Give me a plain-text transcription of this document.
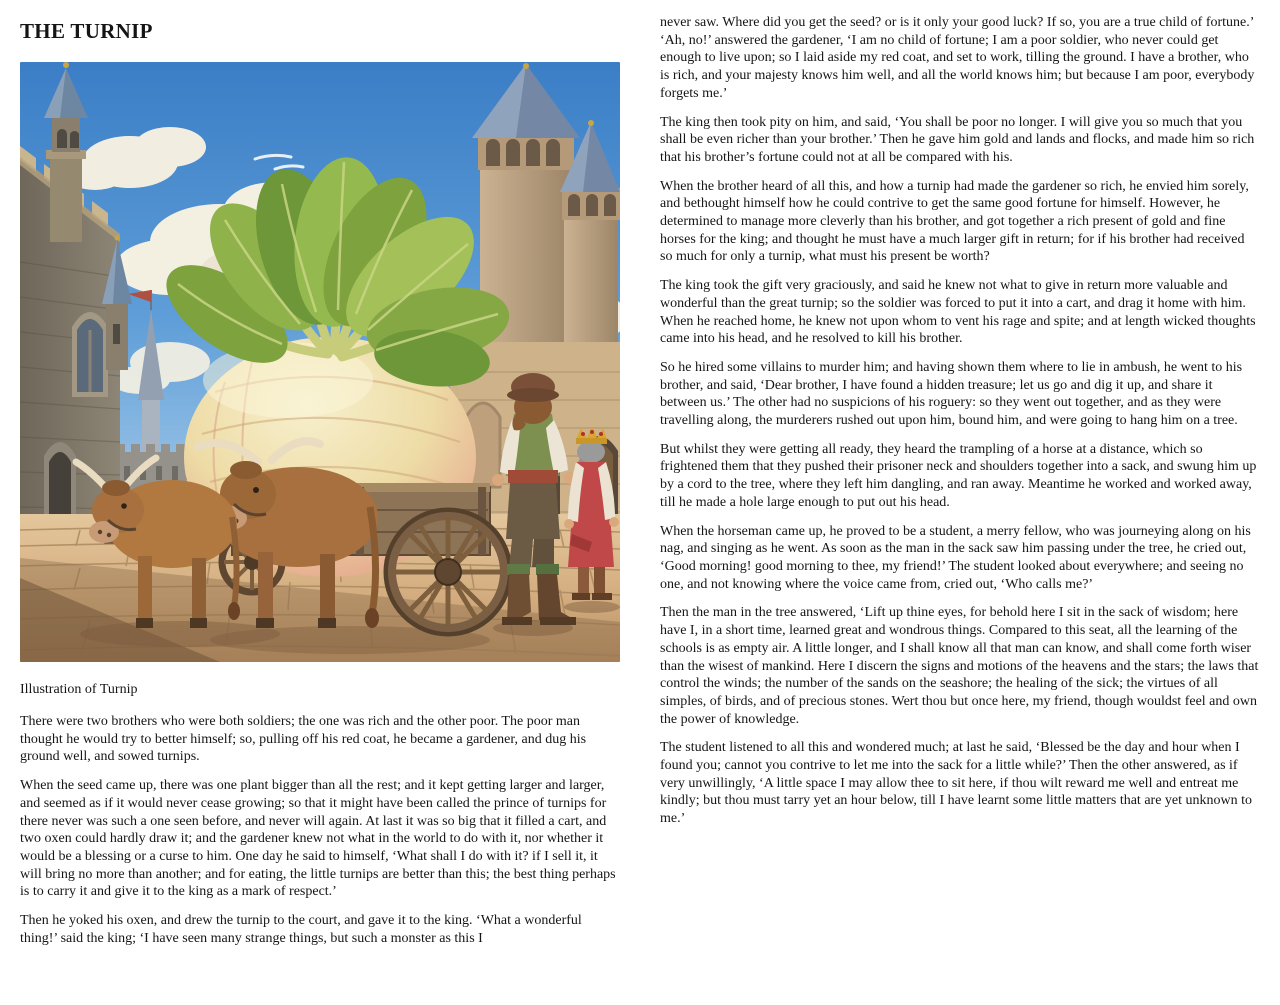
THE TURNIP
Illustration of Turnip

There were two brothers who were both soldiers; the one was rich and the other poor. The poor man thought he would try to better himself; so, pulling off his red coat, he became a gardener, and dug his ground well, and sowed turnips.

When the seed came up, there was one plant bigger than all the rest; and it kept getting larger and larger, and seemed as if it would never cease growing; so that it might have been called the prince of turnips for there never was such a one seen before, and never will again. At last it was so big that it filled a cart, and two oxen could hardly draw it; and the gardener knew not what in the world to do with it, nor whether it would be a blessing or a curse to him. One day he said to himself, ‘What shall I do with it? if I sell it, it will bring no more than another; and for eating, the little turnips are better than this; the best thing perhaps is to carry it and give it to the king as a mark of respect.’

Then he yoked his oxen, and drew the turnip to the court, and gave it to the king. ‘What a wonderful thing!’ said the king; ‘I have seen many strange things, but such a monster as this I

never saw. Where did you get the seed? or is it only your good luck? If so, you are a true child of fortune.’ ‘Ah, no!’ answered the gardener, ‘I am no child of fortune; I am a poor soldier, who never could get enough to live upon; so I laid aside my red coat, and set to work, tilling the ground. I have a brother, who is rich, and your majesty knows him well, and all the world knows him; but because I am poor, everybody forgets me.’

The king then took pity on him, and said, ‘You shall be poor no longer. I will give you so much that you shall be even richer than your brother.’ Then he gave him gold and lands and flocks, and made him so rich that his brother’s fortune could not at all be compared with his.

When the brother heard of all this, and how a turnip had made the gardener so rich, he envied him sorely, and bethought himself how he could contrive to get the same good fortune for himself. However, he determined to manage more cleverly than his brother, and got together a rich present of gold and fine horses for the king; and thought he must have a much larger gift in return; for if his brother had received so much for only a turnip, what must his present be worth?

The king took the gift very graciously, and said he knew not what to give in return more valuable and wonderful than the great turnip; so the soldier was forced to put it into a cart, and drag it home with him. When he reached home, he knew not upon whom to vent his rage and spite; and at length wicked thoughts came into his head, and he resolved to kill his brother.

So he hired some villains to murder him; and having shown them where to lie in ambush, he went to his brother, and said, ‘Dear brother, I have found a hidden treasure; let us go and dig it up, and share it between us.’ The other had no suspicions of his roguery: so they went out together, and as they were travelling along, the murderers rushed out upon him, bound him, and were going to hang him on a tree.

But whilst they were getting all ready, they heard the trampling of a horse at a distance, which so frightened them that they pushed their prisoner neck and shoulders together into a sack, and swung him up by a cord to the tree, where they left him dangling, and ran away. Meantime he worked and worked away, till he made a hole large enough to put out his head.

When the horseman came up, he proved to be a student, a merry fellow, who was journeying along on his nag, and singing as he went. As soon as the man in the sack saw him passing under the tree, he cried out, ‘Good morning! good morning to thee, my friend!’ The student looked about everywhere; and seeing no one, and not knowing where the voice came from, cried out, ‘Who calls me?’

Then the man in the tree answered, ‘Lift up thine eyes, for behold here I sit in the sack of wisdom; here have I, in a short time, learned great and wondrous things. Compared to this seat, all the learning of the schools is as empty air. A little longer, and I shall know all that man can know, and shall come forth wiser than the wisest of mankind. Here I discern the signs and motions of the heavens and the stars; the laws that control the winds; the number of the sands on the seashore; the healing of the sick; the virtues of all simples, of birds, and of precious stones. Wert thou but once here, my friend, though wouldst feel and own the power of knowledge.

The student listened to all this and wondered much; at last he said, ‘Blessed be the day and hour when I found you; cannot you contrive to let me into the sack for a little while?’ Then the other answered, as if very unwillingly, ‘A little space I may allow thee to sit here, if thou wilt reward me well and entreat me kindly; but thou must tarry yet an hour below, till I have learnt some little matters that are yet unknown to me.’
